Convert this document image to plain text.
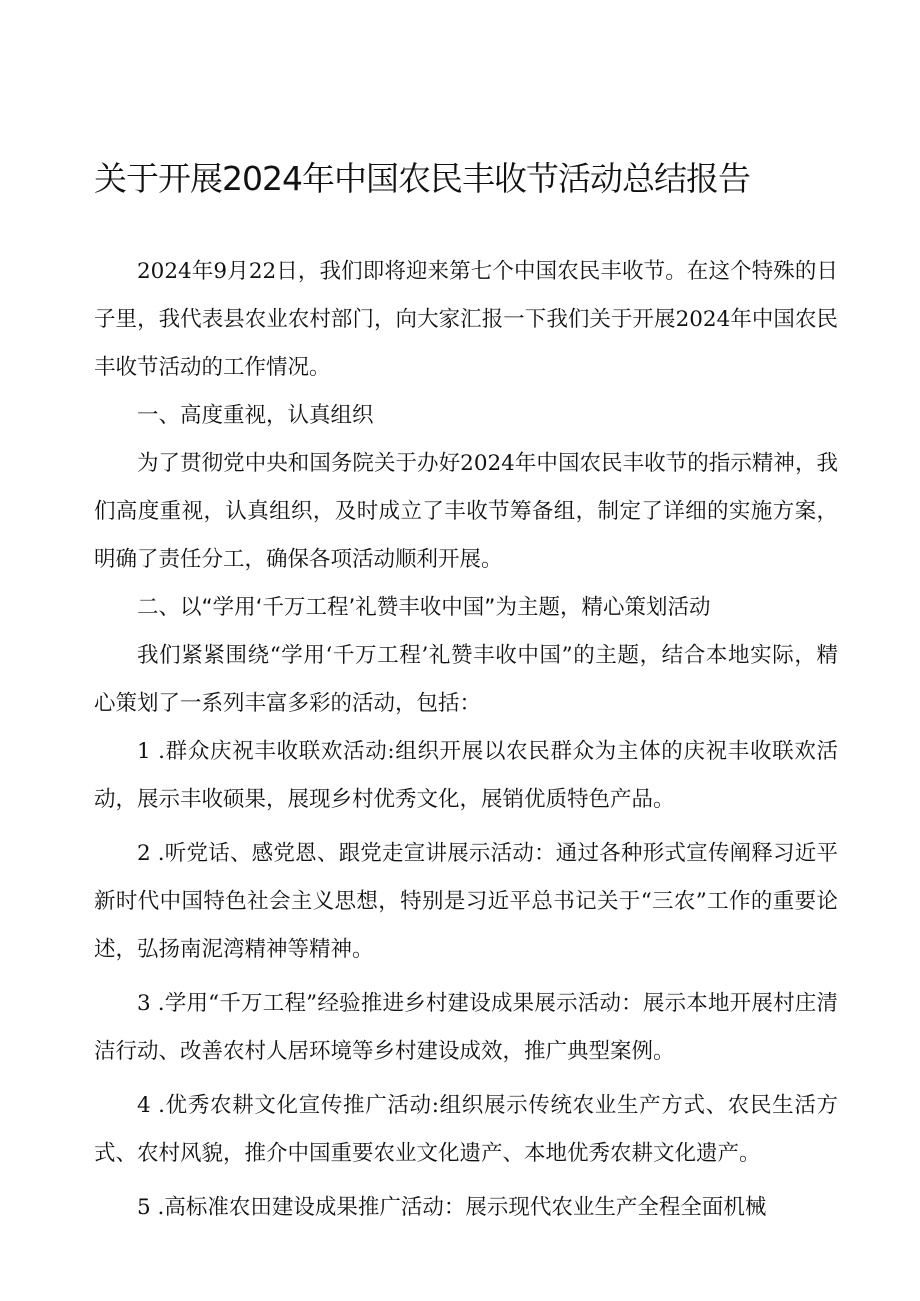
关于开展2024年中国农民丰收节活动总结报告

2024年9月22日，我们即将迎来第七个中国农民丰收节。在这个特殊的日子里，我代表县农业农村部门，向大家汇报一下我们关于开展2024年中国农民丰收节活动的工作情况。

一、高度重视，认真组织

为了贯彻党中央和国务院关于办好2024年中国农民丰收节的指示精神，我们高度重视，认真组织，及时成立了丰收节筹备组，制定了详细的实施方案，明确了责任分工，确保各项活动顺利开展。

二、以“学用‘千万工程’礼赞丰收中国”为主题，精心策划活动

我们紧紧围绕“学用‘千万工程’礼赞丰收中国”的主题，结合本地实际，精心策划了一系列丰富多彩的活动，包括：

1 .群众庆祝丰收联欢活动:组织开展以农民群众为主体的庆祝丰收联欢活动，展示丰收硕果，展现乡村优秀文化，展销优质特色产品。

2 .听党话、感党恩、跟党走宣讲展示活动：通过各种形式宣传阐释习近平新时代中国特色社会主义思想，特别是习近平总书记关于“三农”工作的重要论述，弘扬南泥湾精神等精神。

3 .学用“千万工程”经验推进乡村建设成果展示活动：展示本地开展村庄清洁行动、改善农村人居环境等乡村建设成效，推广典型案例。

4 .优秀农耕文化宣传推广活动:组织展示传统农业生产方式、农民生活方式、农村风貌，推介中国重要农业文化遗产、本地优秀农耕文化遗产。

5 .高标准农田建设成果推广活动：展示现代农业生产全程全面机械
